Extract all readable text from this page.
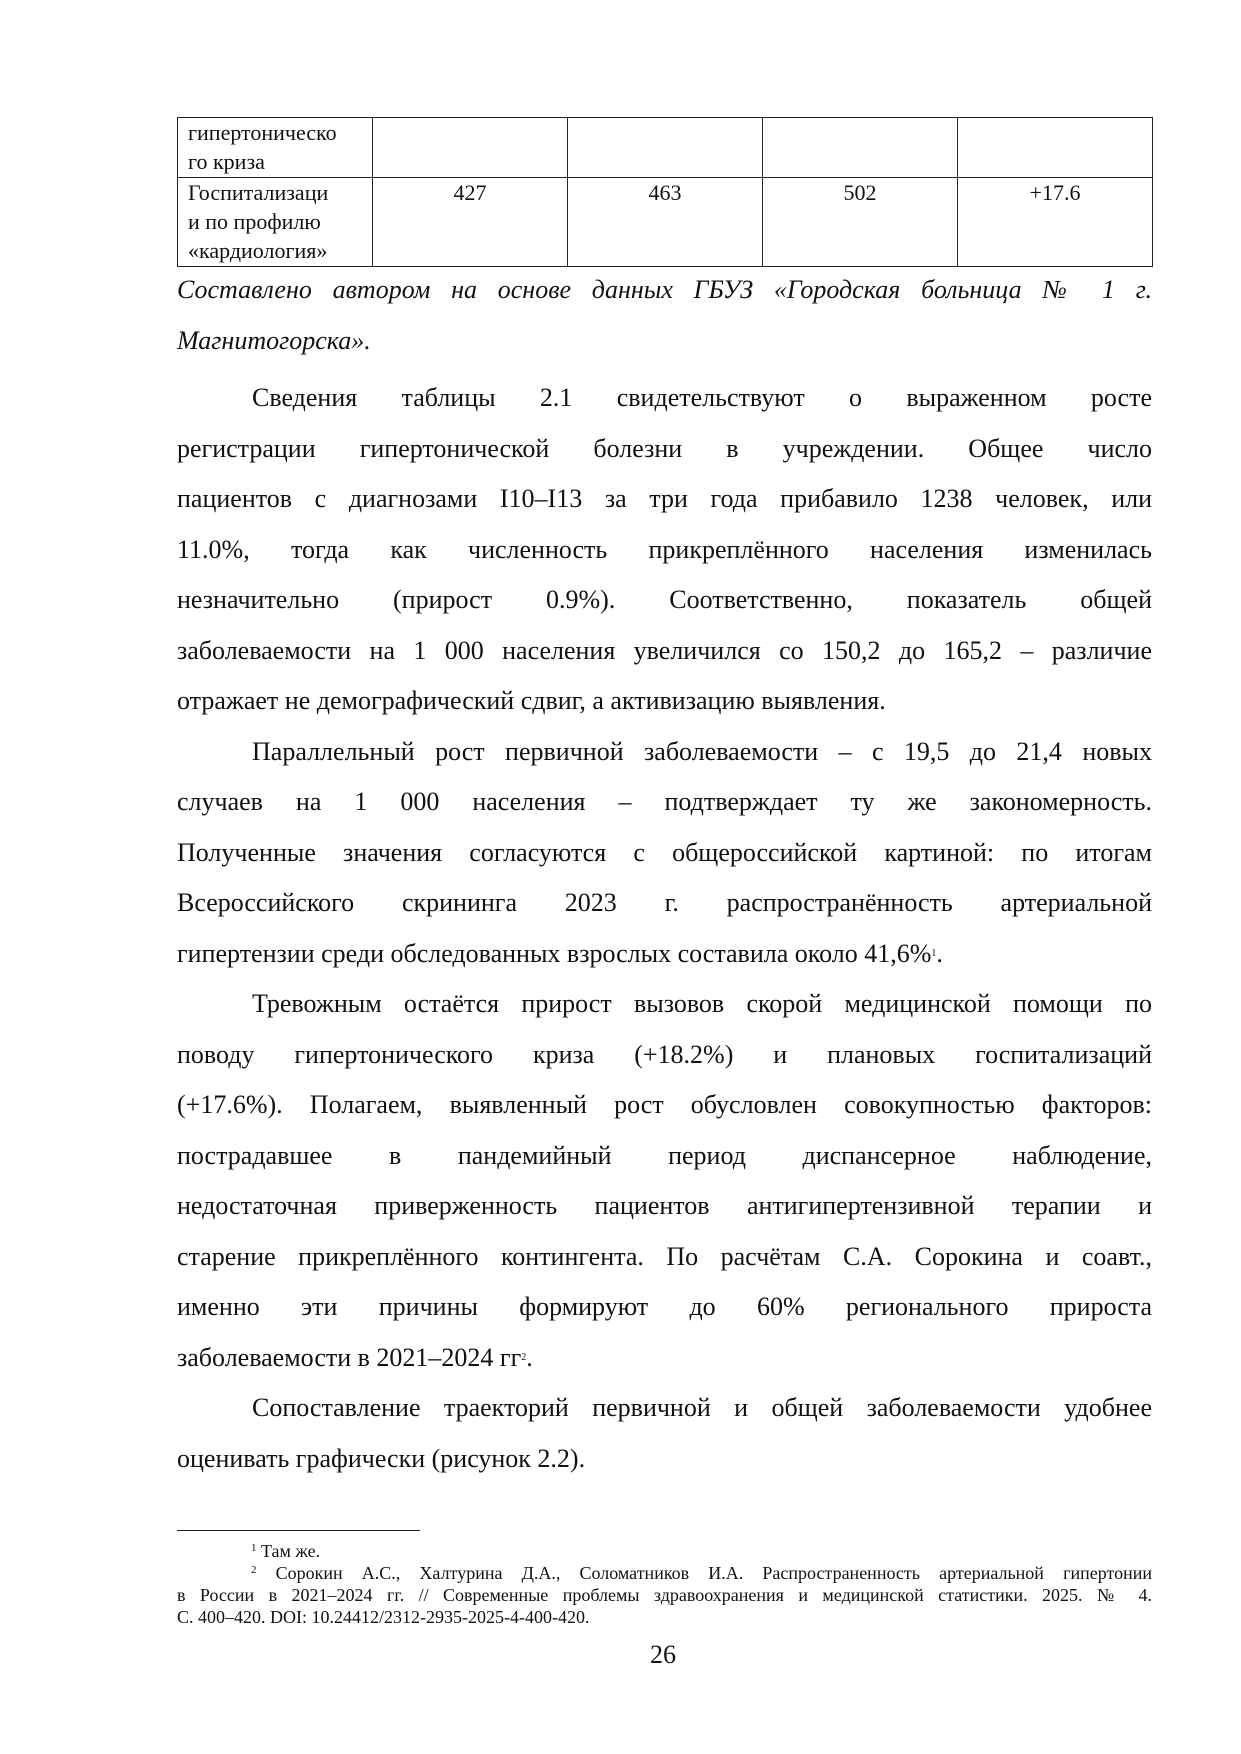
гипертоническо
го криза				

Госпитализаци
и по профилю
«кардиология»	427	463	502	+17.6
Составлено автором на основе данных ГБУЗ «Городская больница № 1 г. Магнитогорска».
Сведения таблицы 2.1 свидетельствуют о выраженном росте
регистрации гипертонической болезни в учреждении. Общее число
пациентов с диагнозами I10–I13 за три года прибавило 1238 человек, или
11.0%, тогда как численность прикреплённого населения изменилась
незначительно (прирост 0.9%). Соответственно, показатель общей
заболеваемости на 1 000 населения увеличился со 150,2 до 165,2 – различие
отражает не демографический сдвиг, а активизацию выявления.
Параллельный рост первичной заболеваемости – с 19,5 до 21,4 новых
случаев на 1 000 населения – подтверждает ту же закономерность.
Полученные значения согласуются с общероссийской картиной: по итогам
Всероссийского скрининга 2023 г. распространённость артериальной
гипертензии среди обследованных взрослых составила около 41,6%$^1$.
Тревожным остаётся прирост вызовов скорой медицинской помощи по
поводу гипертонического криза (+18.2%) и плановых госпитализаций
(+17.6%). Полагаем, выявленный рост обусловлен совокупностью факторов:
пострадавшее в пандемийный период диспансерное наблюдение,
недостаточная приверженность пациентов антигипертензивной терапии и
старение прикреплённого контингента. По расчётам С.А. Сорокина и соавт.,
именно эти причины формируют до 60% регионального прироста
заболеваемости в 2021–2024 гг$^2$.
Сопоставление траекторий первичной и общей заболеваемости удобнее
оценивать графически (рисунок 2.2).
$^1$ Там же.
$^2$ Сорокин А.С., Халтурина Д.А., Соломатников И.А. Распространенность артериальной гипертонии
в России в 2021–2024 гг. // Современные проблемы здравоохранения и медицинской статистики. 2025. № 4.
С. 400–420. DOI: 10.24412/2312-2935-2025-4-400-420.
26
